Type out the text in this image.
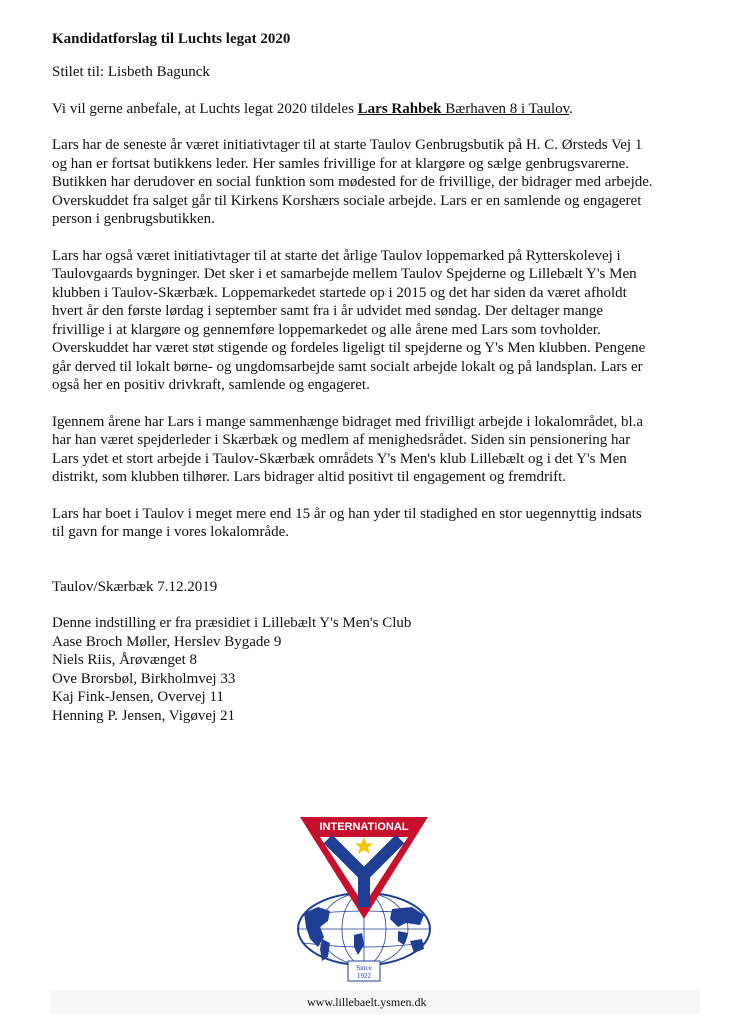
Kandidatforslag til Luchts legat 2020

Stilet til: Lisbeth Bagunck

Vi vil gerne anbefale, at Luchts legat 2020 tildeles Lars Rahbek Bærhaven 8 i Taulov.

Lars har de seneste år været initiativtager til at starte Taulov Genbrugsbutik på H. C. Ørsteds Vej 1

og han er fortsat butikkens leder. Her samles frivillige for at klargøre og sælge genbrugsvarerne.

Butikken har derudover en social funktion som mødested for de frivillige, der bidrager med arbejde.

Overskuddet fra salget går til Kirkens Korshærs sociale arbejde. Lars er en samlende og engageret

person i genbrugsbutikken.

Lars har også været initiativtager til at starte det årlige Taulov loppemarked på Rytterskolevej i

Taulovgaards bygninger. Det sker i et samarbejde mellem Taulov Spejderne og Lillebælt Y's Men

klubben i Taulov-Skærbæk. Loppemarkedet startede op i 2015 og det har siden da været afholdt

hvert år den første lørdag i september samt fra i år udvidet med søndag. Der deltager mange

frivillige i at klargøre og gennemføre loppemarkedet og alle årene med Lars som tovholder.

Overskuddet har været støt stigende og fordeles ligeligt til spejderne og Y's Men klubben. Pengene

går derved til lokalt børne- og ungdomsarbejde samt socialt arbejde lokalt og på landsplan. Lars er

også her en positiv drivkraft, samlende og engageret.

Igennem årene har Lars i mange sammenhænge bidraget med frivilligt arbejde i lokalområdet, bl.a

har han været spejderleder i Skærbæk og medlem af menighedsrådet. Siden sin pensionering har

Lars ydet et stort arbejde i Taulov-Skærbæk områdets Y's Men's klub Lillebælt og i det Y's Men

distrikt, som klubben tilhører. Lars bidrager altid positivt til engagement og fremdrift.

Lars har boet i Taulov i meget mere end 15 år og han yder til stadighed en stor uegennyttig indsats

til gavn for mange i vores lokalområde.

Taulov/Skærbæk 7.12.2019

Denne indstilling er fra præsidiet i Lillebælt Y's Men's Club

Aase Broch Møller, Herslev Bygade 9

Niels Riis, Årøvænget 8

Ove Brorsbøl, Birkholmvej 33

Kaj Fink-Jensen, Overvej 11

Henning P. Jensen, Vigøvej 21

INTERNATIONAL
Since
1922
www.lillebaelt.ysmen.dk
